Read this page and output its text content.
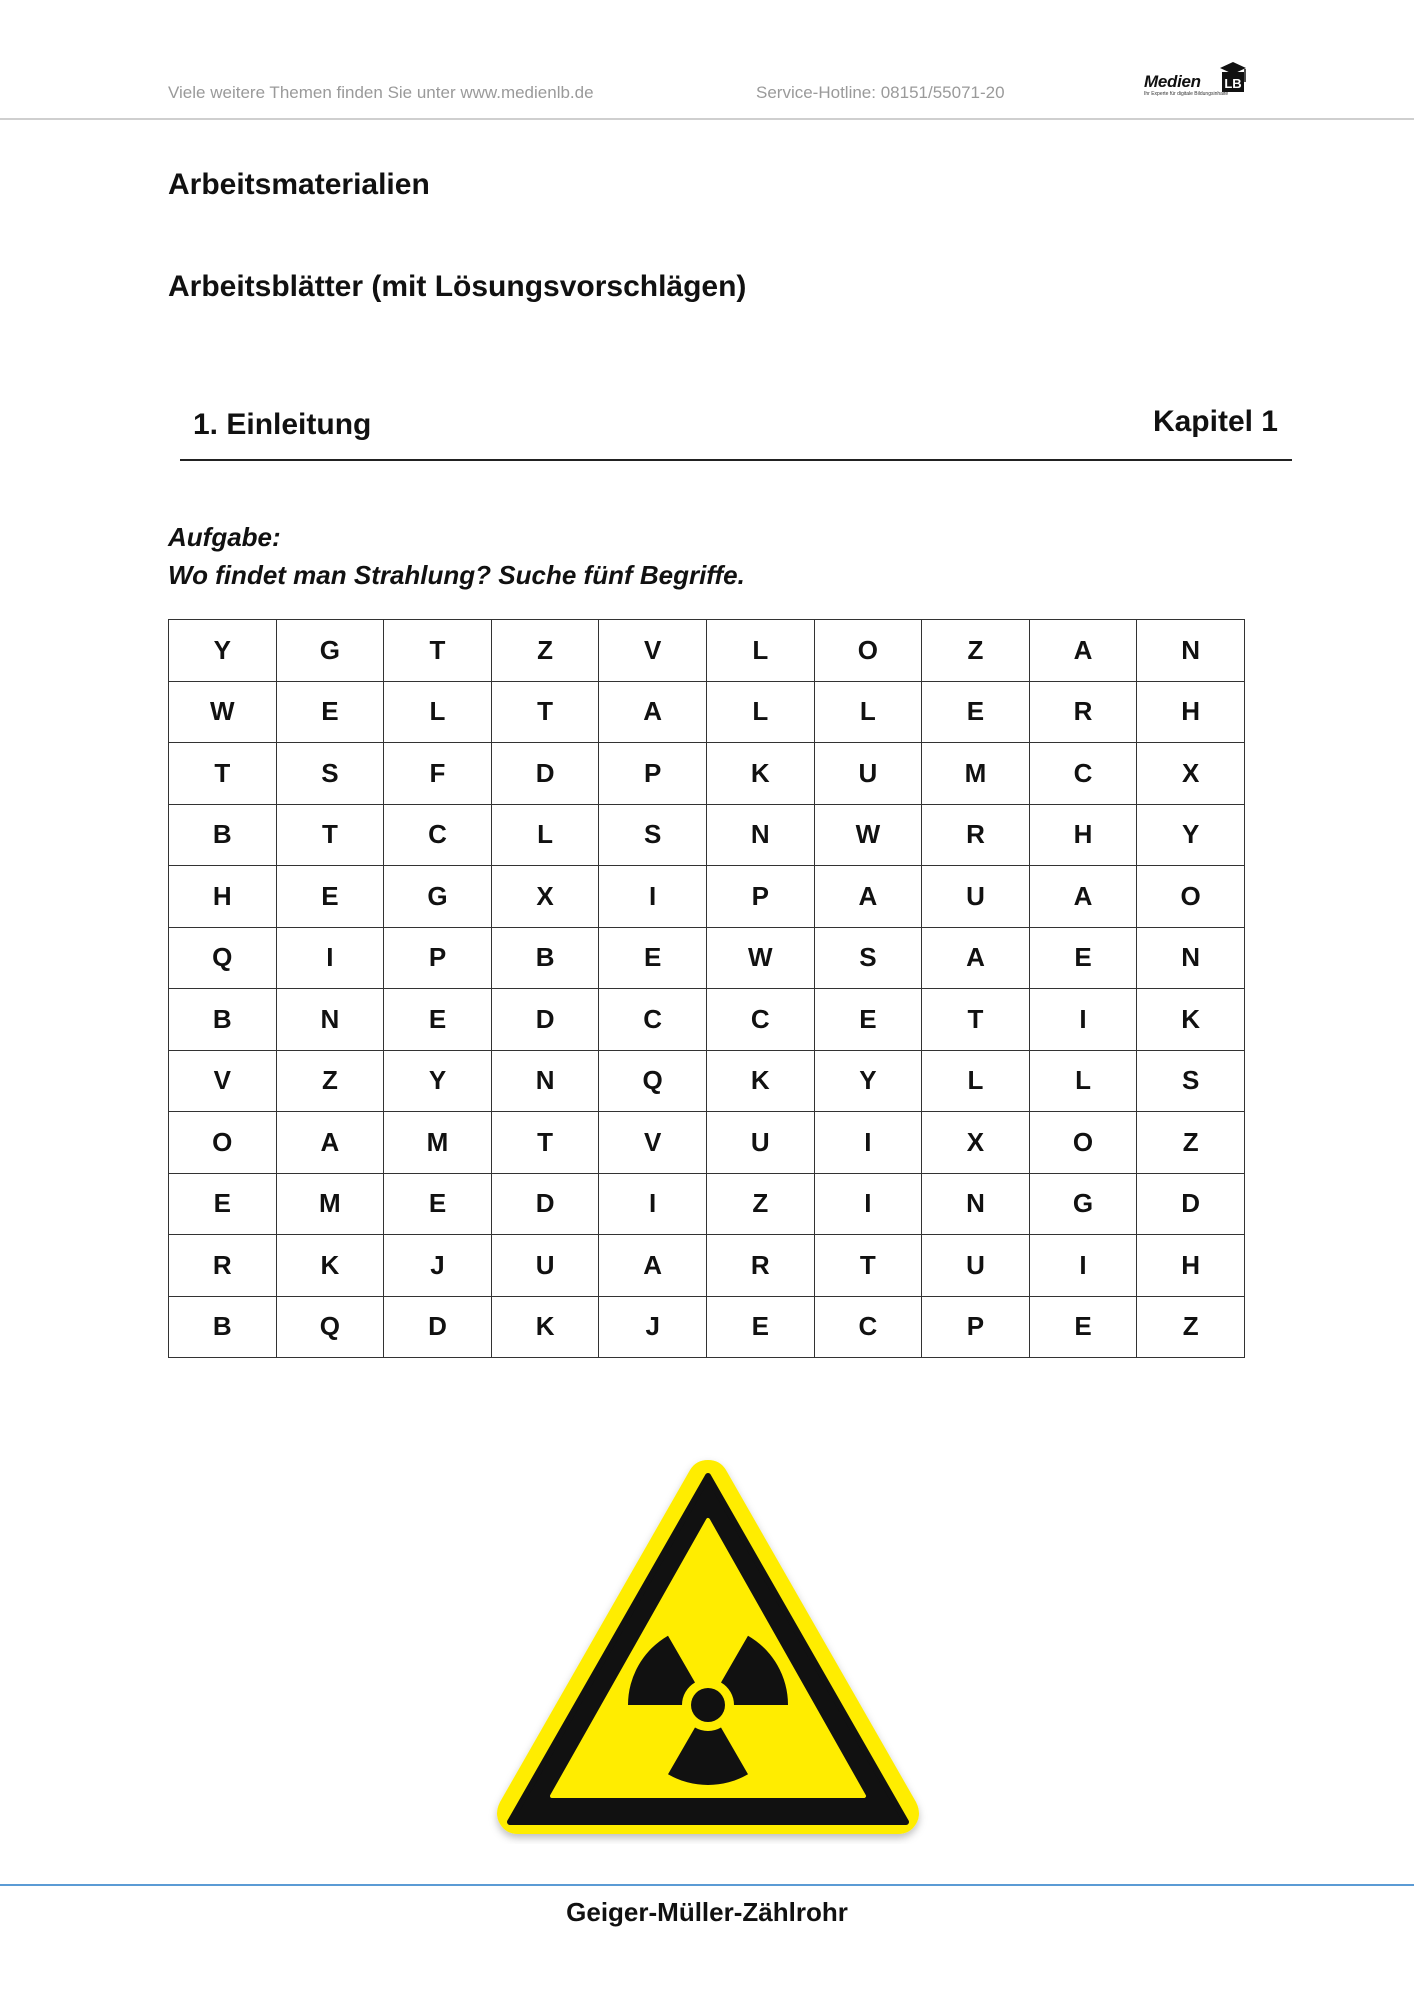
Viele weitere Themen finden Sie unter www.medienlb.de	Service-Hotline: 08151/55071-20
Medien LB
Ihr Experte für digitale Bildungsinhalte
Arbeitsmaterialien
Arbeitsblätter (mit Lösungsvorschlägen)
1. Einleitung	Kapitel 1
Aufgabe:
Wo findet man Strahlung? Suche fünf Begriffe.
Y	G	T	Z	V	L	O	Z	A	N
W	E	L	T	A	L	L	E	R	H
T	S	F	D	P	K	U	M	C	X
B	T	C	L	S	N	W	R	H	Y
H	E	G	X	I	P	A	U	A	O
Q	I	P	B	E	W	S	A	E	N
B	N	E	D	C	C	E	T	I	K
V	Z	Y	N	Q	K	Y	L	L	S
O	A	M	T	V	U	I	X	O	Z
E	M	E	D	I	Z	I	N	G	D
R	K	J	U	A	R	T	U	I	H
B	Q	D	K	J	E	C	P	E	Z
Geiger-Müller-Zählrohr
